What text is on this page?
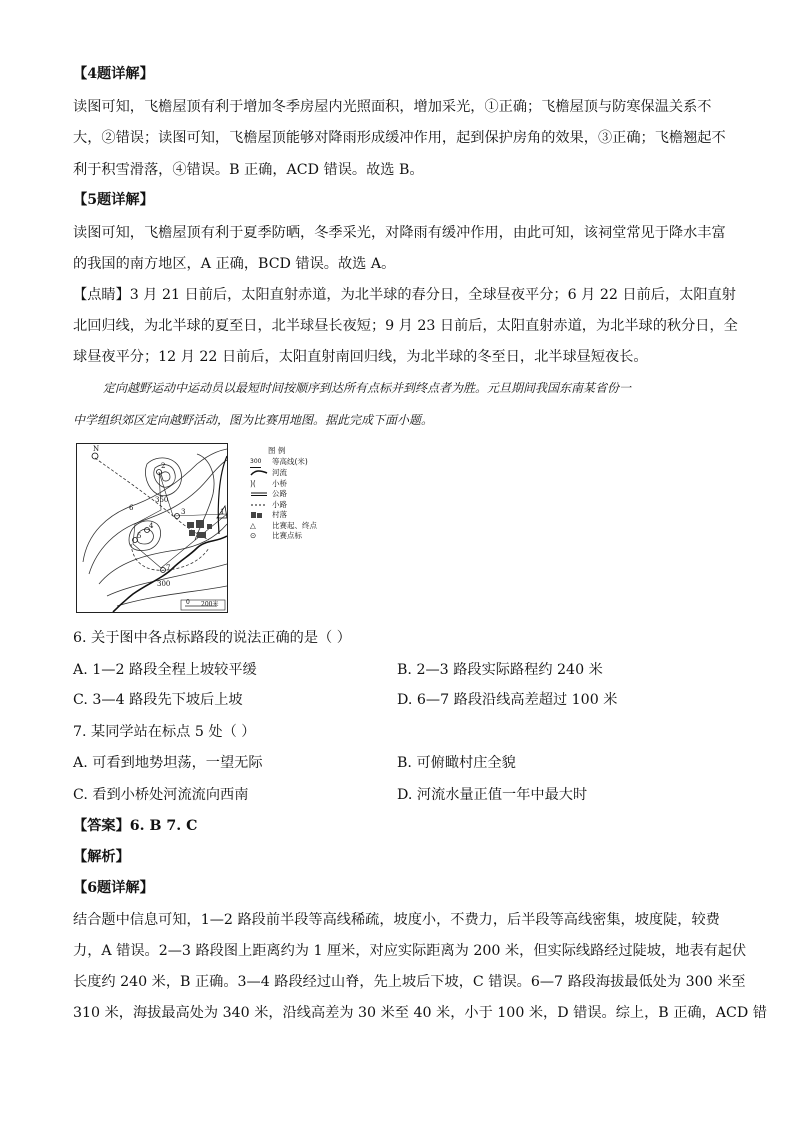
【4题详解】
读图可知，飞檐屋顶有利于增加冬季房屋内光照面积，增加采光，①正确；飞檐屋顶与防寒保温关系不
大，②错误；读图可知，飞檐屋顶能够对降雨形成缓冲作用，起到保护房角的效果，③正确；飞檐翘起不
利于积雪滑落，④错误。B 正确，ACD 错误。故选 B。
【5题详解】
读图可知，飞檐屋顶有利于夏季防晒，冬季采光，对降雨有缓冲作用，由此可知，该祠堂常见于降水丰富
的我国的南方地区，A 正确，BCD 错误。故选 A。
【点睛】3 月 21 日前后，太阳直射赤道，为北半球的春分日，全球昼夜平分；6 月 22 日前后，太阳直射
北回归线，为北半球的夏至日，北半球昼长夜短；9 月 23 日前后，太阳直射赤道，为北半球的秋分日，全
球昼夜平分；12 月 22 日前后，太阳直射南回归线，为北半球的冬至日，北半球昼短夜长。
定向越野运动中运动员以最短时间按顺序到达所有点标并到终点者为胜。元旦期间我国东南某省份一
中学组织郊区定向越野活动，图为比赛用地图。据此完成下面小题。
N
350
300
1
2
3
4
5
6
7
0 200米
图 例
300 等高线(米)
河流
)(	小桥
公路
小路
村落
△	比赛起、终点
⊙	比赛点标
6. 关于图中各点标路段的说法正确的是（ ）
A. 1—2 路段全程上坡较平缓	B. 2—3 路段实际路程约 240 米
C. 3—4 路段先下坡后上坡	D. 6—7 路段沿线高差超过 100 米
7. 某同学站在标点 5 处（ ）
A. 可看到地势坦荡，一望无际	B. 可俯瞰村庄全貌
C. 看到小桥处河流流向西南	D. 河流水量正值一年中最大时
【答案】6. B 7. C
【解析】
【6题详解】
结合题中信息可知，1—2 路段前半段等高线稀疏，坡度小，不费力，后半段等高线密集，坡度陡，较费
力，A 错误。2—3 路段图上距离约为 1 厘米，对应实际距离为 200 米，但实际线路经过陡坡，地表有起伏
长度约 240 米，B 正确。3—4 路段经过山脊，先上坡后下坡，C 错误。6—7 路段海拔最低处为 300 米至
310 米，海拔最高处为 340 米，沿线高差为 30 米至 40 米，小于 100 米，D 错误。综上，B 正确，ACD 错
